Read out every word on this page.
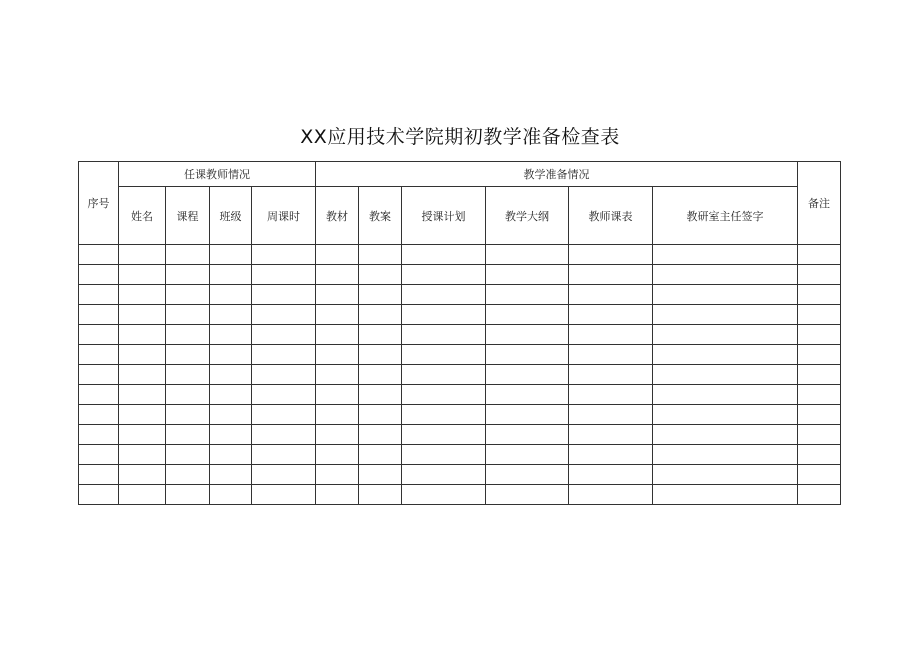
XX应用技术学院期初教学准备检查表
序号	任课教师情况				教学准备情况						备注
	姓名	课程	班级	周课时	教材	教案	授课计划	教学大纲	教师课表	教研室主任签字	
